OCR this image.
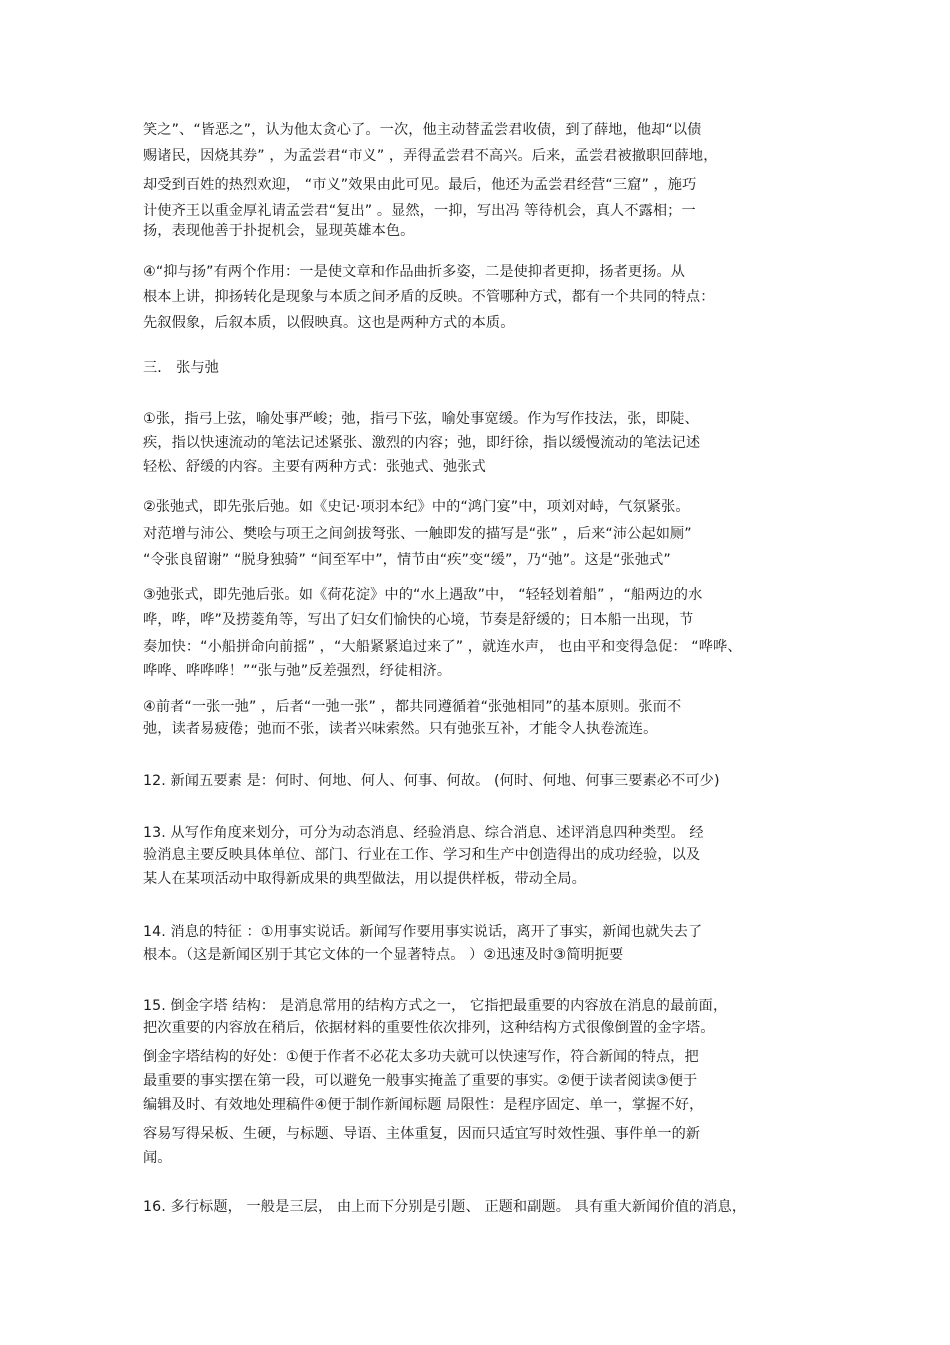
笑之”、“皆恶之”，认为他太贪心了。一次，他主动替孟尝君收债，到了薛地，他却“以债
赐诸民，因烧其券” ，为孟尝君“市义” ，弄得孟尝君不高兴。后来，孟尝君被撤职回薛地，
却受到百姓的热烈欢迎， “市义”效果由此可见。最后，他还为孟尝君经营“三窟” ，施巧
计使齐王以重金厚礼请孟尝君“复出” 。显然，一抑，写出冯 等待机会，真人不露相；一
扬，表现他善于扑捉机会，显现英雄本色。
④“抑与扬”有两个作用：一是使文章和作品曲折多姿，二是使抑者更抑，扬者更扬。从
根本上讲，抑扬转化是现象与本质之间矛盾的反映。不管哪种方式，都有一个共同的特点：
先叙假象，后叙本质，以假映真。这也是两种方式的本质。
三． 张与弛
①张，指弓上弦，喻处事严峻；弛，指弓下弦，喻处事宽缓。作为写作技法，张，即陡、
疾，指以快速流动的笔法记述紧张、激烈的内容；弛，即纡徐，指以缓慢流动的笔法记述
轻松、舒缓的内容。主要有两种方式：张弛式、弛张式
②张弛式，即先张后弛。如《史记·项羽本纪》中的“鸿门宴”中，项刘对峙，气氛紧张。
对范增与沛公、樊哙与项王之间剑拔弩张、一触即发的描写是“张” ，后来“沛公起如厕”
“令张良留谢” “脱身独骑” “间至军中”，情节由“疾”变“缓”，乃“弛”。这是“张弛式”
③弛张式，即先弛后张。如《荷花淀》中的“水上遇敌”中， “轻轻划着船” ，“船两边的水
哗，哗，哗”及捞菱角等，写出了妇女们愉快的心境，节奏是舒缓的；日本船一出现，节
奏加快：“小船拼命向前摇” ，“大船紧紧追过来了” ，就连水声， 也由平和变得急促： “哗哗、
哗哗、哗哗哗！”“张与弛”反差强烈，纾徒相济。
④前者“一张一弛” ，后者“一弛一张” ，都共同遵循着“张弛相同”的基本原则。张而不
弛，读者易疲倦；弛而不张，读者兴味索然。只有弛张互补，才能令人执卷流连。
12. 新闻五要素 是：何时、何地、何人、何事、何故。 (何时、何地、何事三要素必不可少)
13. 从写作角度来划分，可分为动态消息、经验消息、综合消息、述评消息四种类型。 经
验消息主要反映具体单位、部门、行业在工作、学习和生产中创造得出的成功经验，以及
某人在某项活动中取得新成果的典型做法，用以提供样板，带动全局。
14. 消息的特征 ：①用事实说话。新闻写作要用事实说话，离开了事实，新闻也就失去了
根本。（这是新闻区别于其它文体的一个显著特点。 ）②迅速及时③简明扼要
15. 倒金字塔 结构： 是消息常用的结构方式之一， 它指把最重要的内容放在消息的最前面，
把次重要的内容放在稍后，依据材料的重要性依次排列，这种结构方式很像倒置的金字塔。
倒金字塔结构的好处：①便于作者不必花太多功夫就可以快速写作，符合新闻的特点，把
最重要的事实摆在第一段，可以避免一般事实掩盖了重要的事实。②便于读者阅读③便于
编辑及时、有效地处理稿件④便于制作新闻标题 局限性：是程序固定、单一，掌握不好，
容易写得呆板、生硬，与标题、导语、主体重复，因而只适宜写时效性强、事件单一的新
闻。
16. 多行标题， 一般是三层， 由上而下分别是引题、 正题和副题。 具有重大新闻价值的消息，
